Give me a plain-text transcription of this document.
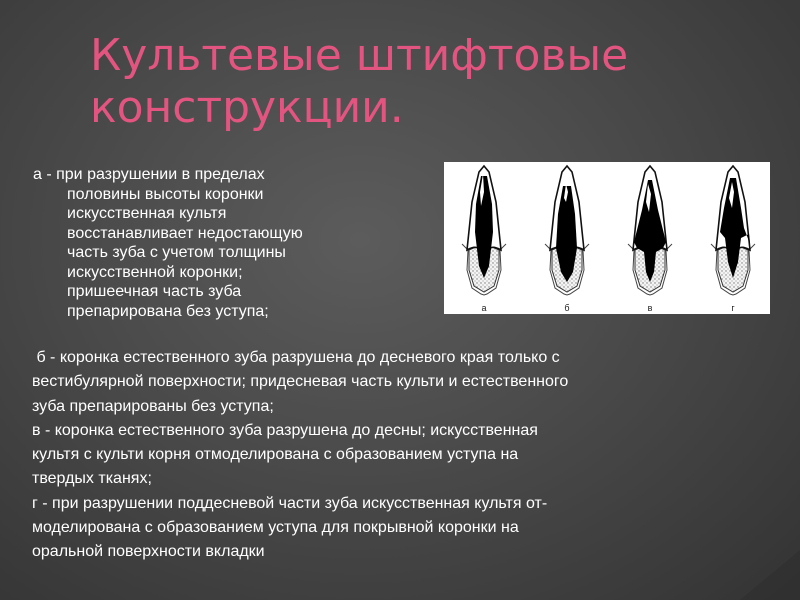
Культевые штифтовые
конструкции.
а - при разрушении в пределах
половины высоты коронки
искусственная культя
восстанавливает недостающую
часть зуба с учетом толщины
искусственной коронки;
пришеечная часть зуба
препарирована без уступа;	а	б	в	г
б - коронка естественного зуба разрушена до десневого края только с
вестибулярной поверхности; придесневая часть культи и естественного
зуба препарированы без уступа;
в - коронка естественного зуба разрушена до десны; искусственная
культя с культи корня отмоделирована с образованием уступа на
твердых тканях;
г - при разрушении поддесневой части зуба искусственная культя от-
моделирована с образованием уступа для покрывной коронки на
оральной поверхности вкладки
